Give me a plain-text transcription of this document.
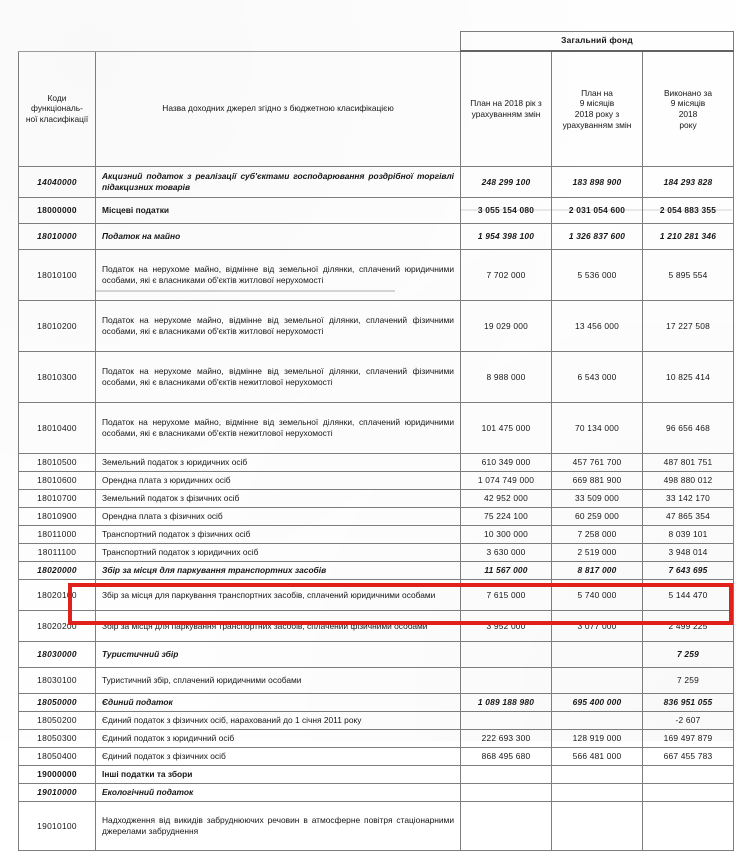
		Загальний фонд		

Коди
функціональ-
ної класифікації	Назва доходних джерел згідно з бюджетною класифікацією	План на 2018 рік з
урахуванням змін	План на
9 місяців
2018 року з
урахуванням змін	Виконано за
9 місяців
2018
року

14040000	Акцизний податок з реалізації суб'єктами господарювання роздрібної торгівлі підакцизних товарів	248 299 100	183 898 900	184 293 828
18000000	Місцеві податки	3 055 154 080	2 031 054 600	2 054 883 355
18010000	Податок на майно	1 954 398 100	1 326 837 600	1 210 281 346
18010100	Податок на нерухоме майно, відмінне від земельної ділянки, сплачений юридичними особами, які є власниками об'єктів житлової нерухомості	7 702 000	5 536 000	5 895 554
18010200	Податок на нерухоме майно, відмінне від земельної ділянки, сплачений фізичними особами, які є власниками об'єктів житлової нерухомості	19 029 000	13 456 000	17 227 508
18010300	Податок на нерухоме майно, відмінне від земельної ділянки, сплачений фізичними особами, які є власниками об'єктів нежитлової нерухомості	8 988 000	6 543 000	10 825 414
18010400	Податок на нерухоме майно, відмінне від земельної ділянки, сплачений юридичними особами, які є власниками об'єктів нежитлової нерухомості	101 475 000	70 134 000	96 656 468
18010500	Земельний податок з юридичних осіб	610 349 000	457 761 700	487 801 751
18010600	Орендна плата з юридичних осіб	1 074 749 000	669 881 900	498 880 012
18010700	Земельний податок з фізичних осіб	42 952 000	33 509 000	33 142 170
18010900	Орендна плата з фізичних осіб	75 224 100	60 259 000	47 865 354
18011000	Транспортний податок з фізичних осіб	10 300 000	7 258 000	8 039 101
18011100	Транспортний податок з юридичних осіб	3 630 000	2 519 000	3 948 014
18020000	Збір за місця для паркування транспортних засобів	11 567 000	8 817 000	7 643 695
18020100	Збір за місця для паркування транспортних засобів, сплачений юридичними особами	7 615 000	5 740 000	5 144 470
18020200	Збір за місця для паркування транспортних засобів, сплачений фізичними особами	3 952 000	3 077 000	2 499 225
18030000	Туристичний збір			7 259
18030100	Туристичний збір, сплачений юридичними особами			7 259
18050000	Єдиний податок	1 089 188 980	695 400 000	836 951 055
18050200	Єдиний податок з фізичних осіб, нарахований до 1 січня 2011 року			-2 607
18050300	Єдиний податок з юридичний осіб	222 693 300	128 919 000	169 497 879
18050400	Єдиний податок з фізичних осіб	868 495 680	566 481 000	667 455 783
19000000	Інші податки та збори			
19010000	Екологічний податок			
19010100	Надходження від викидів забруднюючих речовин в атмосферне повітря стаціонарними джерелами забруднення			
